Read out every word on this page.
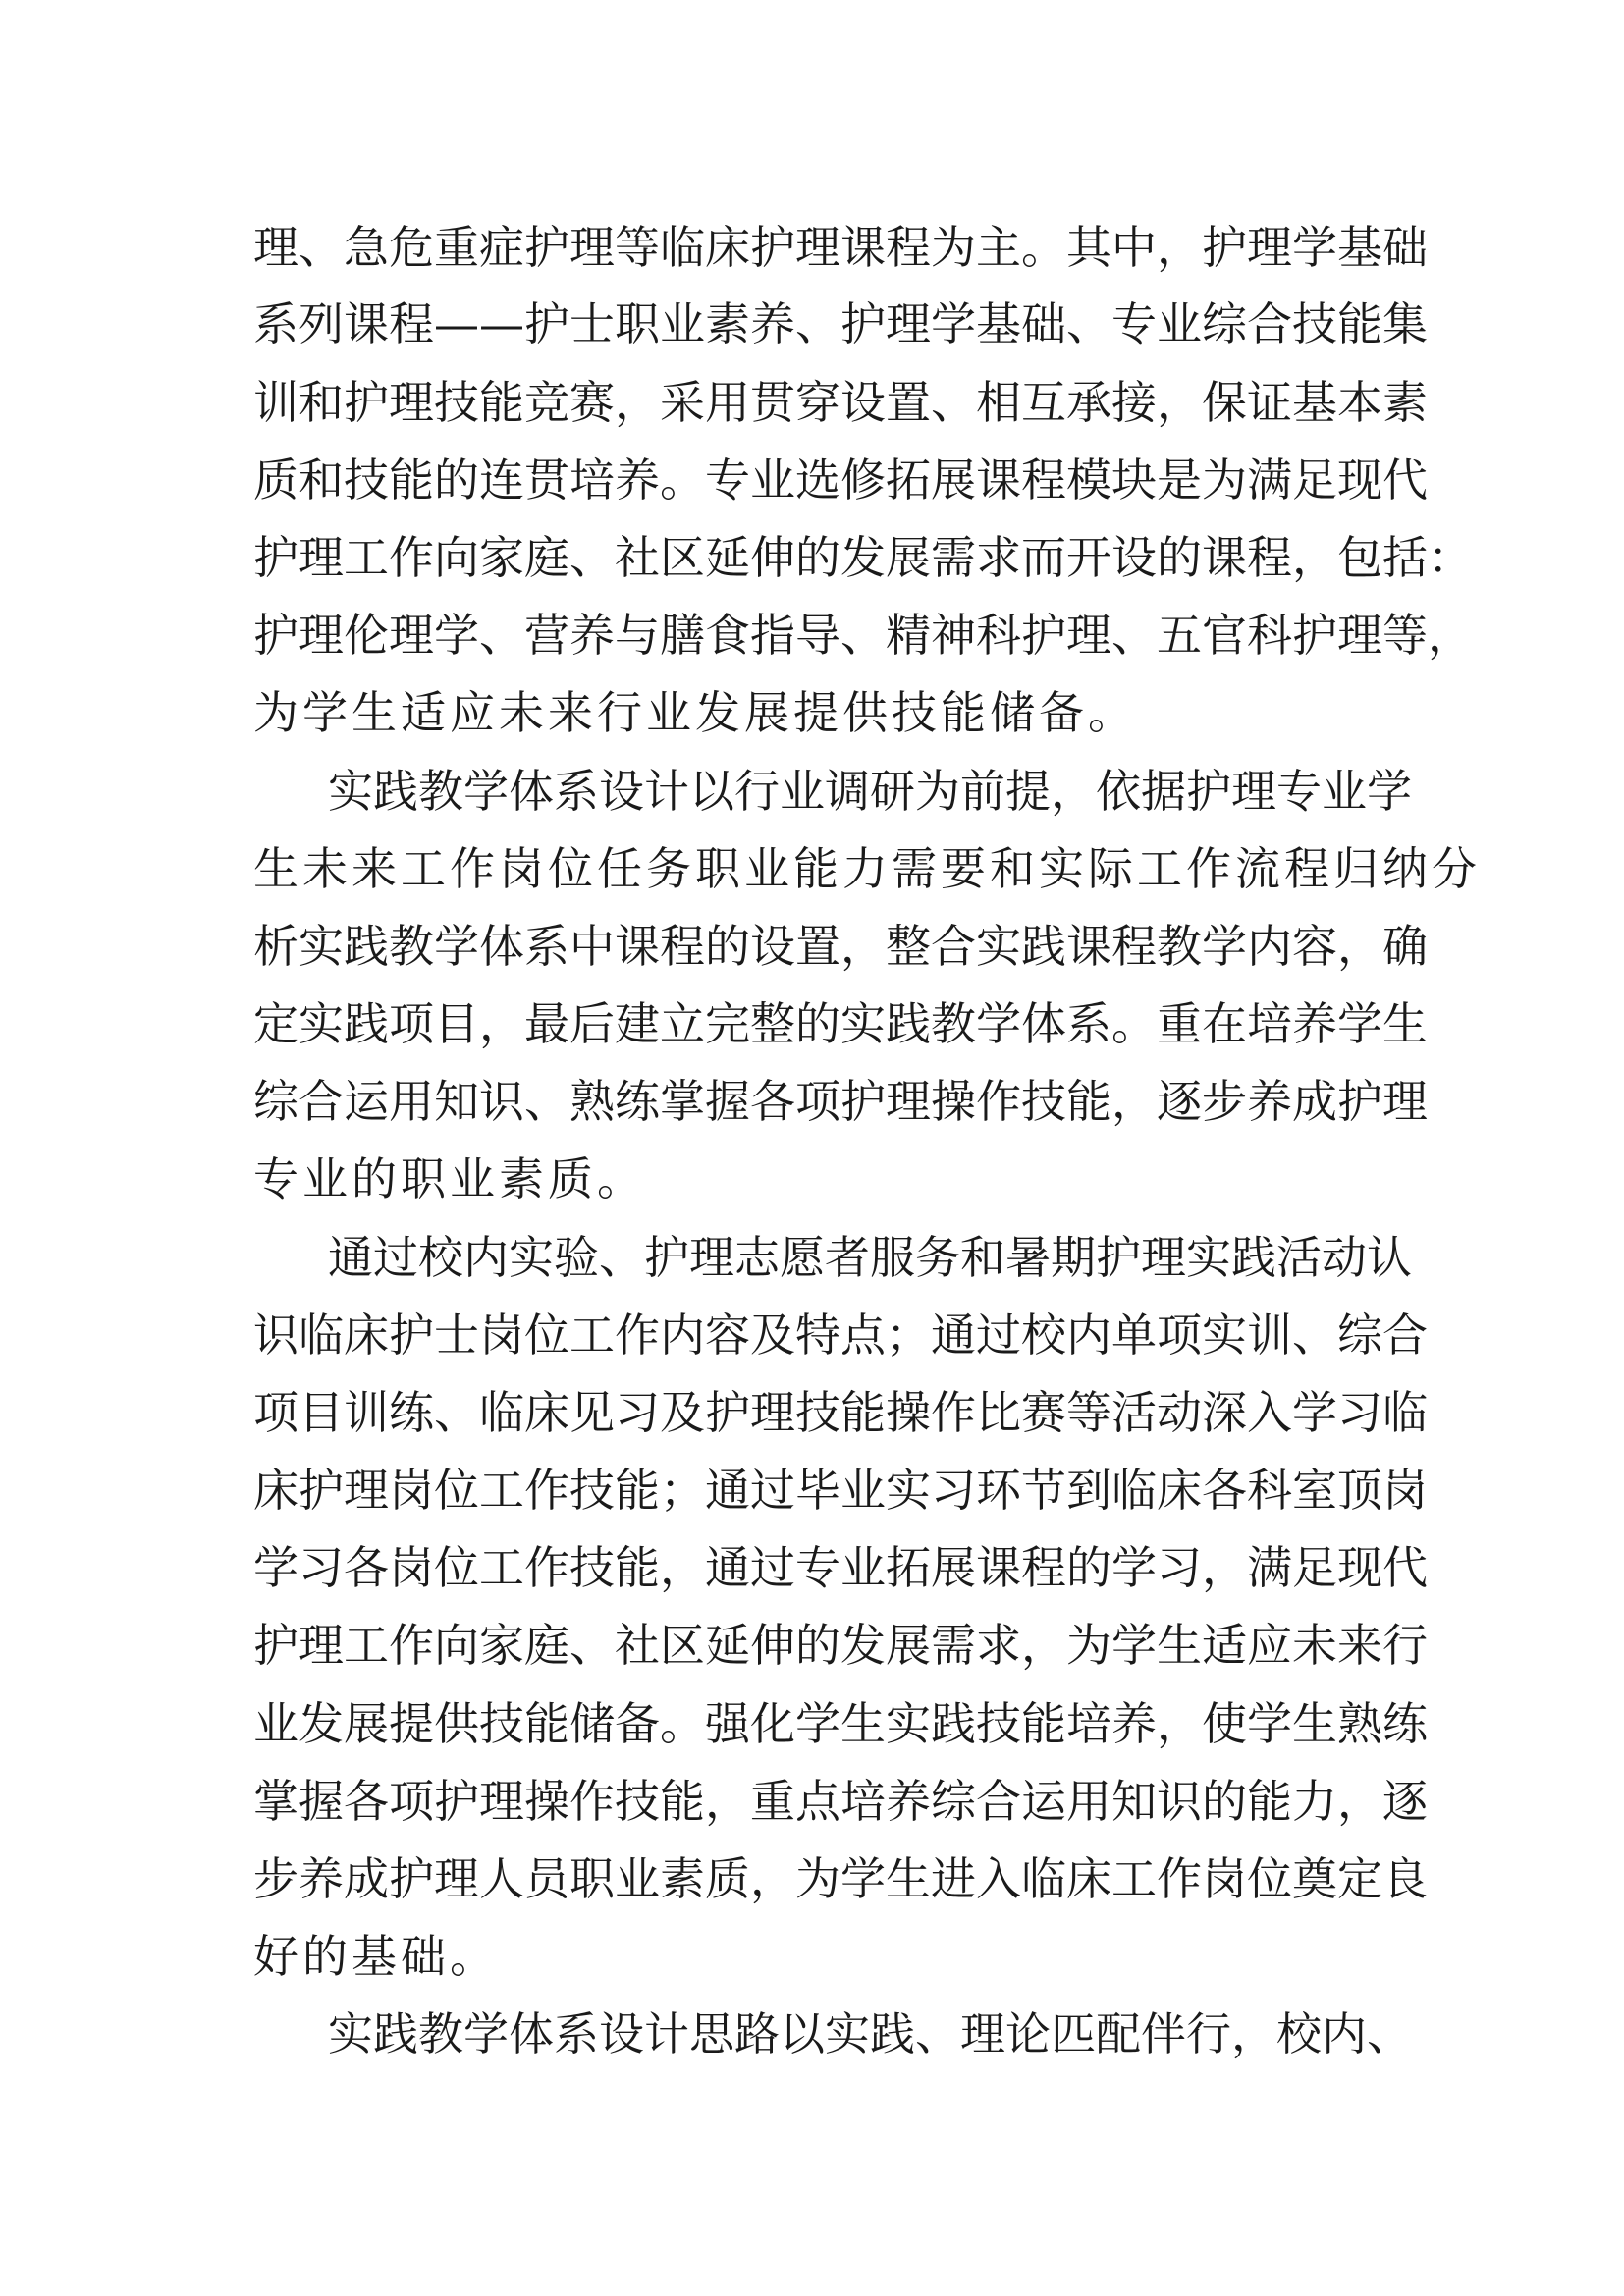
理、急危重症护理等临床护理课程为主。其中，护理学基础
系列课程——护士职业素养、护理学基础、专业综合技能集
训和护理技能竞赛，采用贯穿设置、相互承接，保证基本素
质和技能的连贯培养。专业选修拓展课程模块是为满足现代
护理工作向家庭、社区延伸的发展需求而开设的课程，包括：
护理伦理学、营养与膳食指导、精神科护理、五官科护理等，
为学生适应未来行业发展提供技能储备。
实践教学体系设计以行业调研为前提，依据护理专业学
生未来工作岗位任务职业能力需要和实际工作流程归纳分
析实践教学体系中课程的设置，整合实践课程教学内容，确
定实践项目，最后建立完整的实践教学体系。重在培养学生
综合运用知识、熟练掌握各项护理操作技能，逐步养成护理
专业的职业素质。
通过校内实验、护理志愿者服务和暑期护理实践活动认
识临床护士岗位工作内容及特点；通过校内单项实训、综合
项目训练、临床见习及护理技能操作比赛等活动深入学习临
床护理岗位工作技能；通过毕业实习环节到临床各科室顶岗
学习各岗位工作技能，通过专业拓展课程的学习，满足现代
护理工作向家庭、社区延伸的发展需求，为学生适应未来行
业发展提供技能储备。强化学生实践技能培养，使学生熟练
掌握各项护理操作技能，重点培养综合运用知识的能力，逐
步养成护理人员职业素质，为学生进入临床工作岗位奠定良
好的基础。
实践教学体系设计思路以实践、理论匹配伴行，校内、
